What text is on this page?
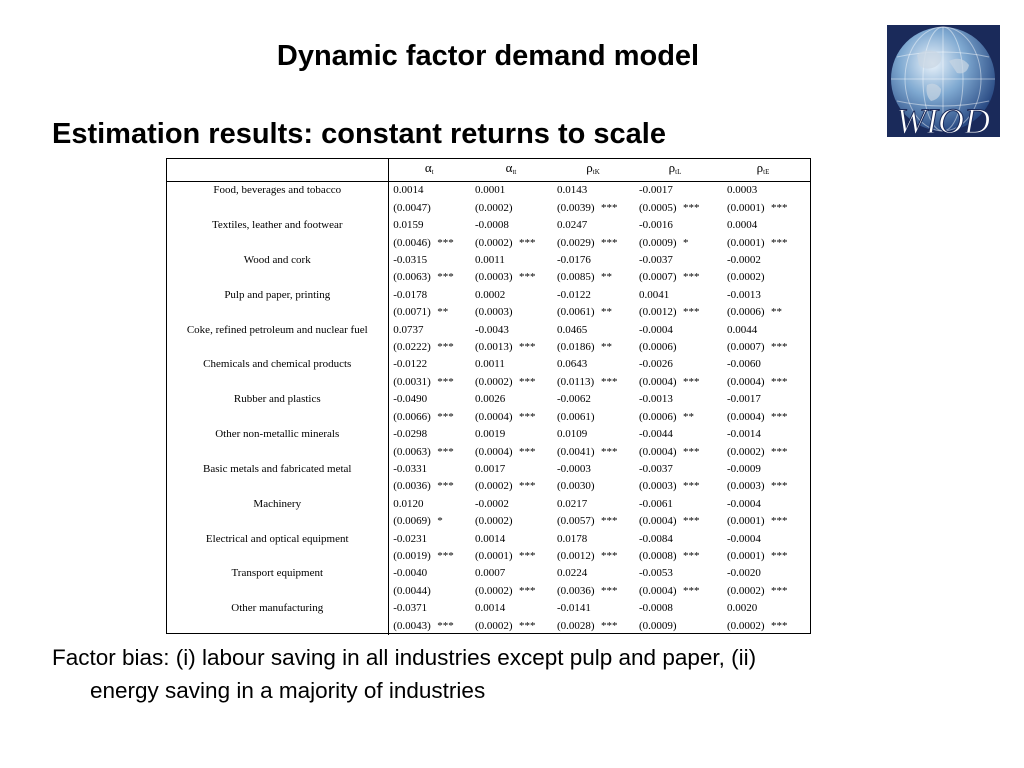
Dynamic factor demand model
Estimation results: constant returns to scale	WIOD
	$\alpha_t$	$\alpha_{tt}$	$\rho_{tK}$	$\rho_{tL}$	$\rho_{tE}$
Food, beverages and tobacco	0.0014	0.0001	0.0143	-0.0017	0.0003
	(0.0047)	(0.0002)	(0.0039) ***	(0.0005) ***	(0.0001) ***
Textiles, leather and footwear	0.0159	-0.0008	0.0247	-0.0016	0.0004
	(0.0046) ***	(0.0002) ***	(0.0029) ***	(0.0009) *	(0.0001) ***
Wood and cork	-0.0315	0.0011	-0.0176	-0.0037	-0.0002
	(0.0063) ***	(0.0003) ***	(0.0085) **	(0.0007) ***	(0.0002)
Pulp and paper, printing	-0.0178	0.0002	-0.0122	0.0041	-0.0013
	(0.0071) **	(0.0003)	(0.0061) **	(0.0012) ***	(0.0006) **
Coke, refined petroleum and nuclear fuel	0.0737	-0.0043	0.0465	-0.0004	0.0044
	(0.0222) ***	(0.0013) ***	(0.0186) **	(0.0006)	(0.0007) ***
Chemicals and chemical products	-0.0122	0.0011	0.0643	-0.0026	-0.0060
	(0.0031) ***	(0.0002) ***	(0.0113) ***	(0.0004) ***	(0.0004) ***
Rubber and plastics	-0.0490	0.0026	-0.0062	-0.0013	-0.0017
	(0.0066) ***	(0.0004) ***	(0.0061)	(0.0006) **	(0.0004) ***
Other non-metallic minerals	-0.0298	0.0019	0.0109	-0.0044	-0.0014
	(0.0063) ***	(0.0004) ***	(0.0041) ***	(0.0004) ***	(0.0002) ***
Basic metals and fabricated metal	-0.0331	0.0017	-0.0003	-0.0037	-0.0009
	(0.0036) ***	(0.0002) ***	(0.0030)	(0.0003) ***	(0.0003) ***
Machinery	0.0120	-0.0002	0.0217	-0.0061	-0.0004
	(0.0069) *	(0.0002)	(0.0057) ***	(0.0004) ***	(0.0001) ***
Electrical and optical equipment	-0.0231	0.0014	0.0178	-0.0084	-0.0004
	(0.0019) ***	(0.0001) ***	(0.0012) ***	(0.0008) ***	(0.0001) ***
Transport equipment	-0.0040	0.0007	0.0224	-0.0053	-0.0020
	(0.0044)	(0.0002) ***	(0.0036) ***	(0.0004) ***	(0.0002) ***
Other manufacturing	-0.0371	0.0014	-0.0141	-0.0008	0.0020
	(0.0043) ***	(0.0002) ***	(0.0028) ***	(0.0009)	(0.0002) ***
Factor bias: (i) labour saving in all industries except pulp and paper, (ii)
energy saving in a majority of industries
